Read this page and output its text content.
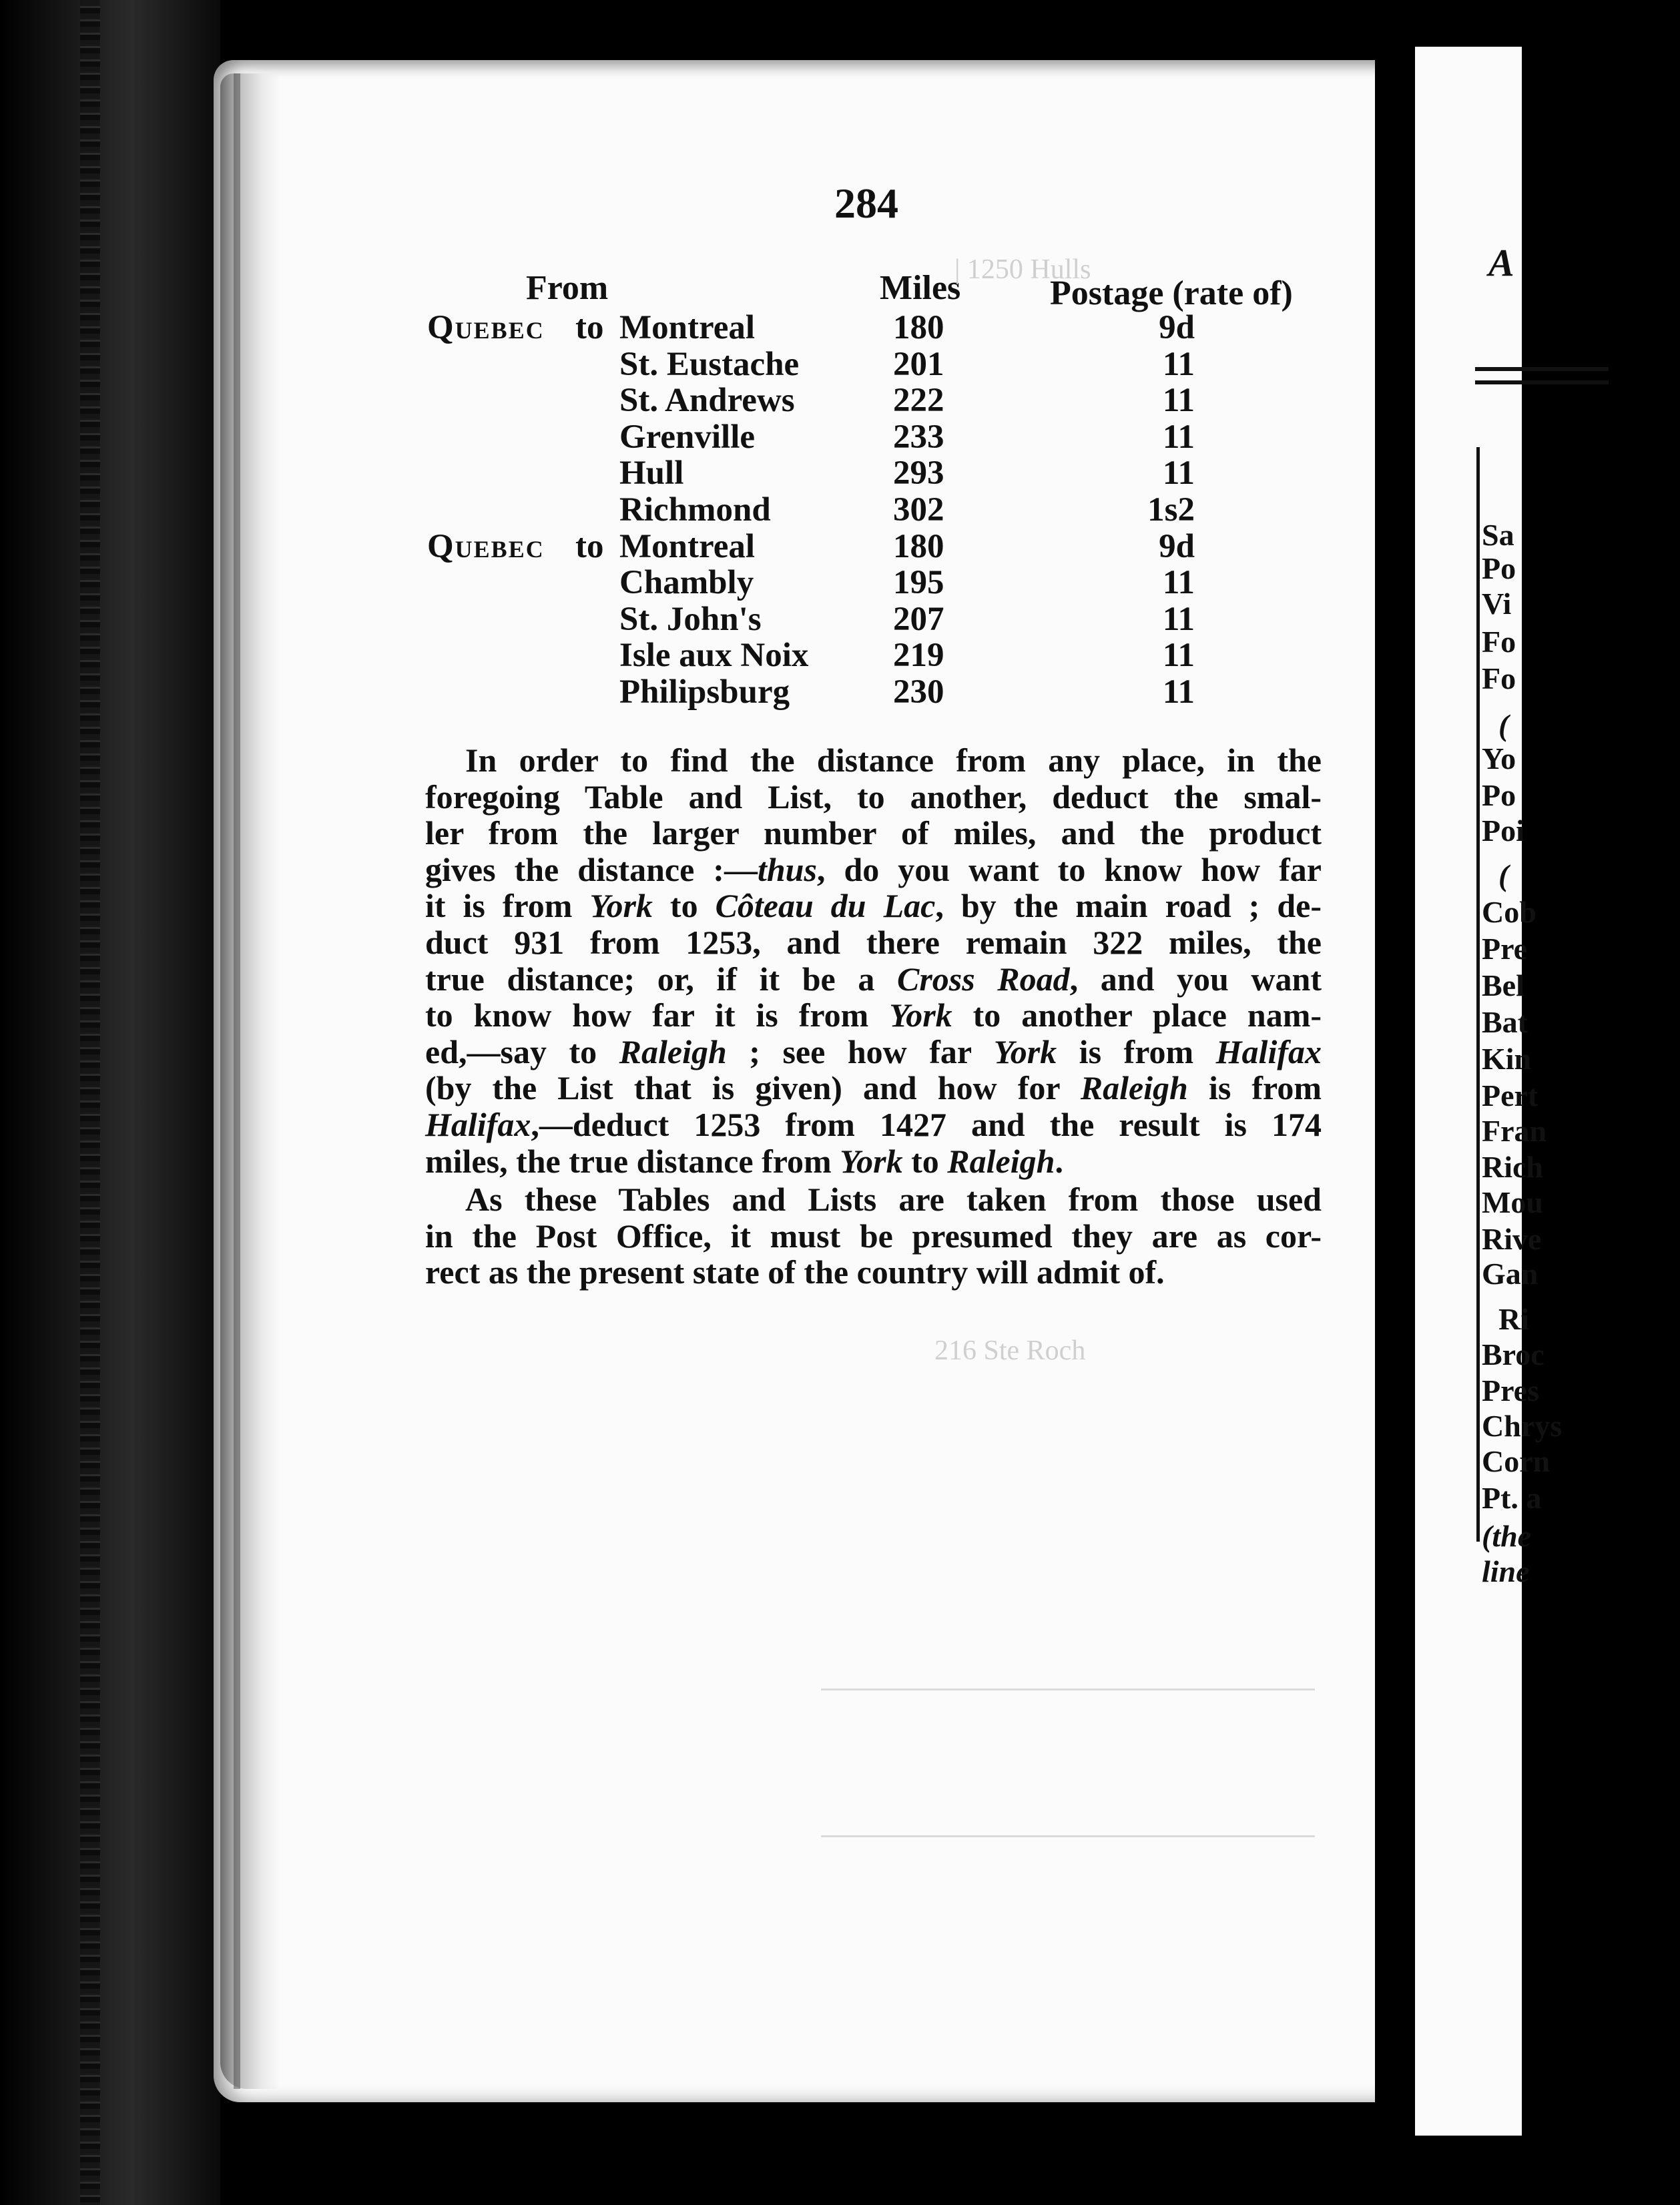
A
Sa
Po
Vi
Fo
Fo
(
Yo
Po
Poi
(
Cob
Pre
Bel
Bat
Kin
Pert
Fran
Rich
Mou
Rive
Gan
Ri
Broc
Pres
Chrys
Corn
Pt. a
(the
line
284
From	Miles	Postage (rate of)
Quebec to Montreal	180	9d
St. Eustache	201	11
St. Andrews	222	11
Grenville	233	11
Hull	293	11
Richmond	302	1s2
Quebec to Montreal	180	9d
Chambly	195	11
St. John's	207	11
Isle aux Noix 219	11
Philipsburg	230	11
| 1250 Hulls
216 Ste Roch
In order to find the distance from any place, in the
foregoing Table and List, to another, deduct the smal-
ler from the larger number of miles, and the product
gives the distance :—thus, do you want to know how far
it is from York to Côteau du Lac, by the main road ; de-
duct 931 from 1253, and there remain 322 miles, the
true distance; or, if it be a Cross Road, and you want
to know how far it is from York to another place nam-
ed,—say to Raleigh ; see how far York is from Halifax
(by the List that is given) and how for Raleigh is from
Halifax,—deduct 1253 from 1427 and the result is 174
miles, the true distance from York to Raleigh.
As these Tables and Lists are taken from those used
in the Post Office, it must be presumed they are as cor-
rect as the present state of the country will admit of.
